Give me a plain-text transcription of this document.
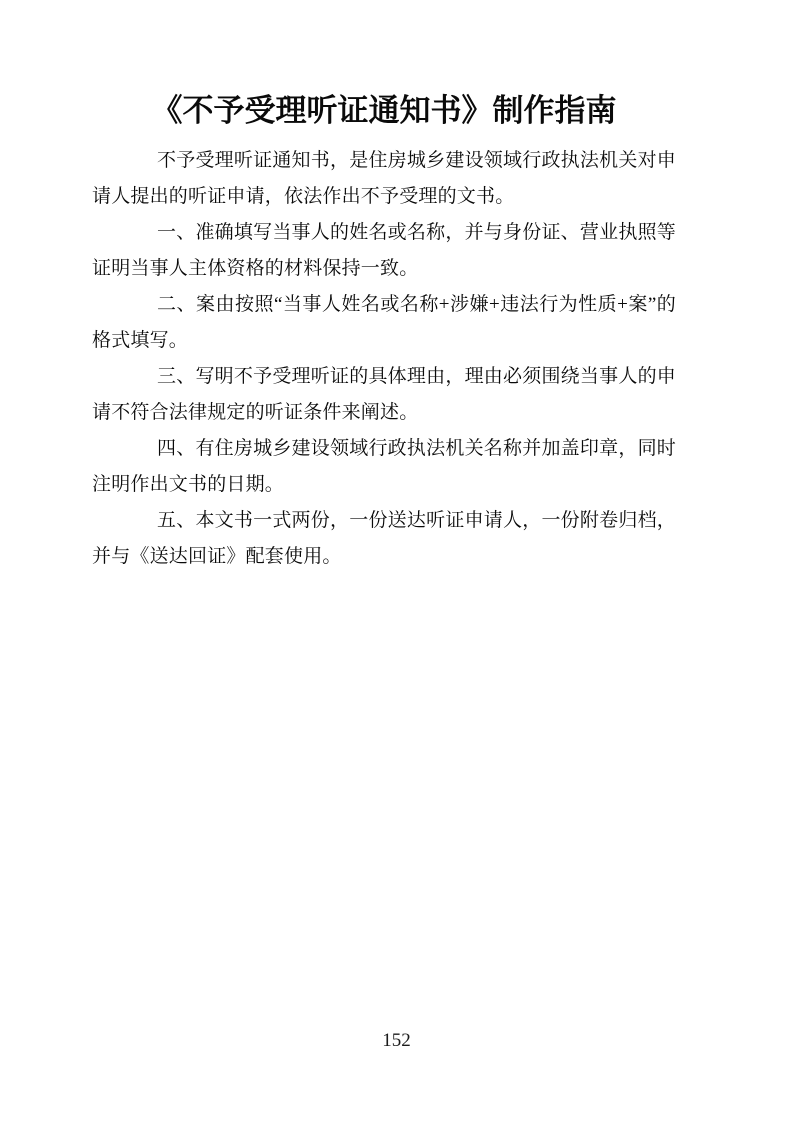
《不予受理听证通知书》制作指南

不予受理听证通知书，是住房城乡建设领域行政执法机关对申请人提出的听证申请，依法作出不予受理的文书。

一、准确填写当事人的姓名或名称，并与身份证、营业执照等证明当事人主体资格的材料保持一致。

二、案由按照“当事人姓名或名称+涉嫌+违法行为性质+案”的格式填写。

三、写明不予受理听证的具体理由，理由必须围绕当事人的申请不符合法律规定的听证条件来阐述。

四、有住房城乡建设领域行政执法机关名称并加盖印章，同时注明作出文书的日期。

五、本文书一式两份，一份送达听证申请人，一份附卷归档，并与《送达回证》配套使用。

152
